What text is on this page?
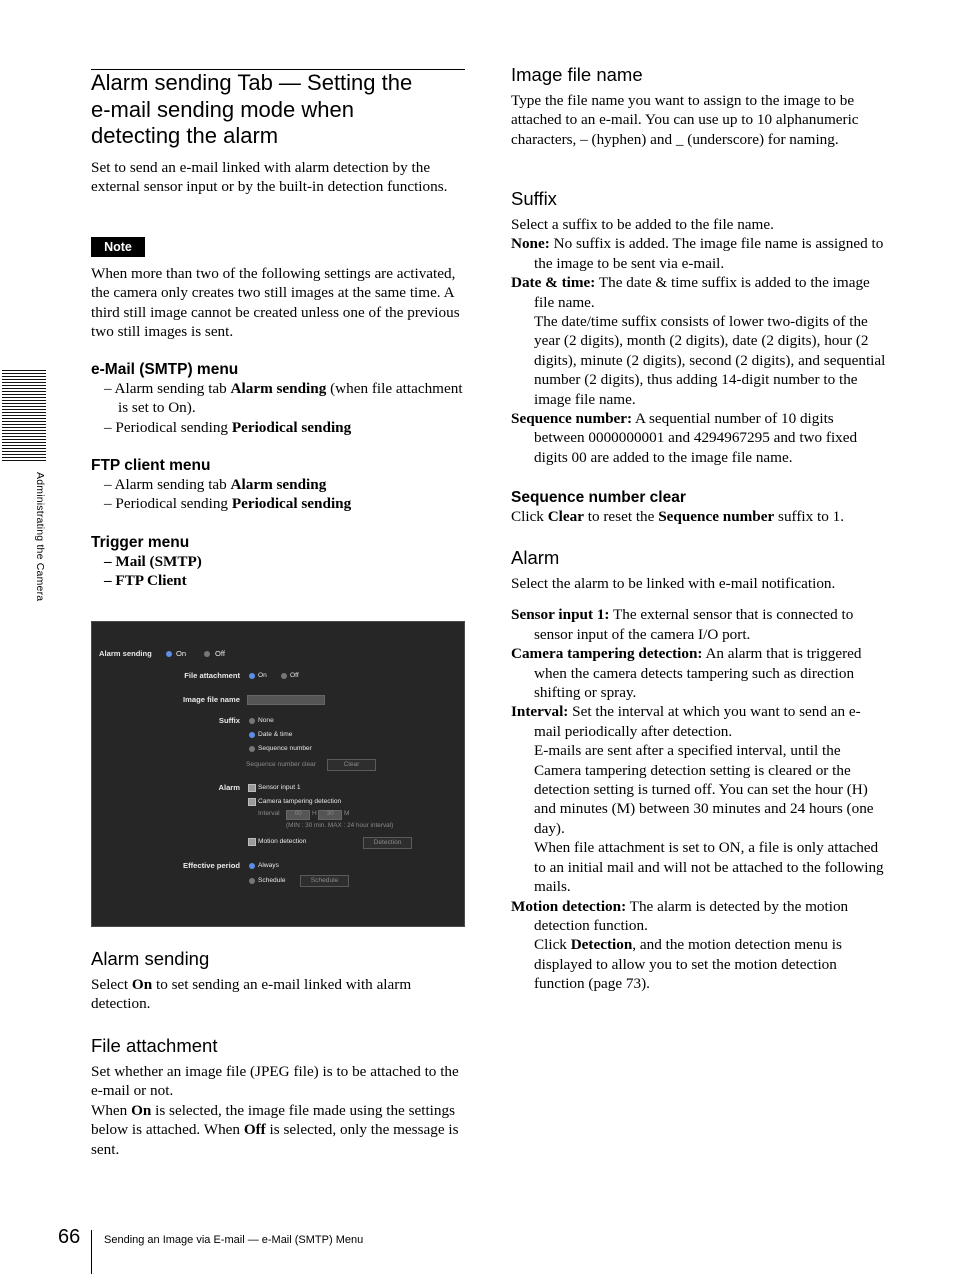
Administrating the Camera
Alarm sending Tab — Setting the
e-mail sending mode when
detecting the alarm

Set to send an e-mail linked with alarm detection by the external sensor input or by the built-in detection functions.

Note

When more than two of the following settings are activated, the camera only creates two still images at the same time. A third still image cannot be created unless one of the previous two still images is sent.

e-Mail (SMTP) menu

– Alarm sending tab Alarm sending (when file attachment is set to On).

– Periodical sending Periodical sending

FTP client menu

– Alarm sending tab Alarm sending

– Periodical sending Periodical sending

Trigger menu

– Mail (SMTP)

– FTP Client

Alarm sending	On	Off
File attachment	On	Off
Image file name
Suffix	None
Date & time
Sequence number
Sequence number clear	Clear
Alarm	Sensor input 1
Camera tampering detection
Interval	00 H 30 M
(MIN : 30 min. MAX : 24 hour interval)
Motion detection	Detection
Effective period	Always
Schedule	Schedule
Alarm sending

Select On to set sending an e-mail linked with alarm detection.

File attachment

Set whether an image file (JPEG file) is to be attached to the e-mail or not.

When On is selected, the image file made using the settings below is attached. When Off is selected, only the message is sent.

Image file name

Type the file name you want to assign to the image to be attached to an e-mail. You can use up to 10 alphanumeric characters, – (hyphen) and _ (underscore) for naming.

Suffix

Select a suffix to be added to the file name.

None: No suffix is added. The image file name is assigned to the image to be sent via e-mail.

Date & time: The date & time suffix is added to the image file name.

The date/time suffix consists of lower two-digits of the year (2 digits), month (2 digits), date (2 digits), hour (2 digits), minute (2 digits), second (2 digits), and sequential number (2 digits), thus adding 14-digit number to the image file name.

Sequence number: A sequential number of 10 digits between 0000000001 and 4294967295 and two fixed digits 00 are added to the image file name.

Sequence number clear

Click Clear to reset the Sequence number suffix to 1.

Alarm

Select the alarm to be linked with e-mail notification.

Sensor input 1: The external sensor that is connected to sensor input of the camera I/O port.

Camera tampering detection: An alarm that is triggered when the camera detects tampering such as direction shifting or spray.

Interval: Set the interval at which you want to send an e-mail periodically after detection.

E-mails are sent after a specified interval, until the Camera tampering detection setting is cleared or the detection setting is turned off. You can set the hour (H) and minutes (M) between 30 minutes and 24 hours (one day).

When file attachment is set to ON, a file is only attached to an initial mail and will not be attached to the following mails.

Motion detection: The alarm is detected by the motion detection function.

Click Detection, and the motion detection menu is displayed to allow you to set the motion detection function (page 73).

66 Sending an Image via E-mail — e-Mail (SMTP) Menu
